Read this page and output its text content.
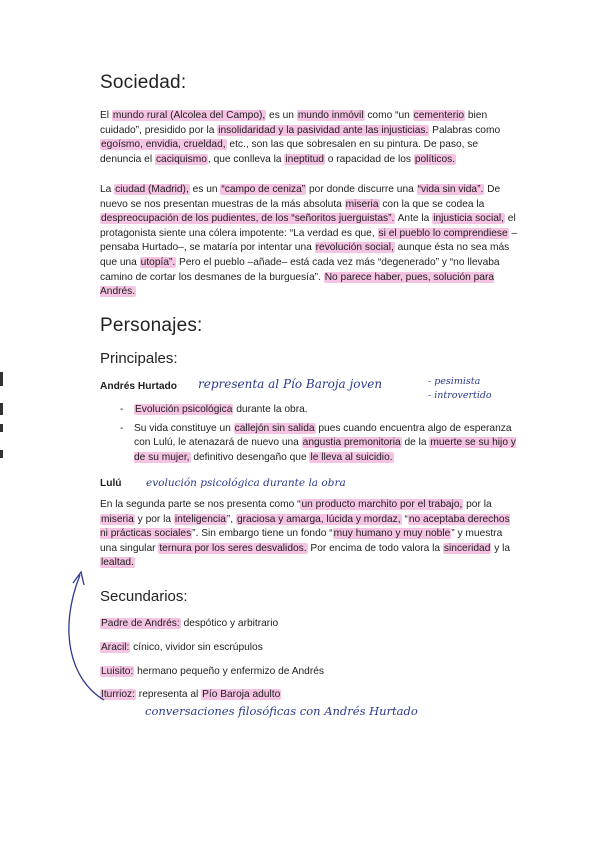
Sociedad:

El mundo rural (Alcolea del Campo), es un mundo inmóvil como “un cementerio bien cuidado”, presidido por la insolidaridad y la pasividad ante las injusticias. Palabras como egoísmo, envidia, crueldad, etc., son las que sobresalen en su pintura. De paso, se denuncia el caciquismo, que conlleva la ineptitud o rapacidad de los políticos.

La ciudad (Madrid), es un “campo de ceniza” por donde discurre una “vida sin vida”. De nuevo se nos presentan muestras de la más absoluta miseria con la que se codea la despreocupación de los pudientes, de los “señoritos juerguistas”. Ante la injusticia social, el protagonista siente una cólera impotente: “La verdad es que, si el pueblo lo comprendiese –pensaba Hurtado–, se mataría por intentar una revolución social, aunque ésta no sea más que una utopía”. Pero el pueblo –añade– está cada vez más “degenerado” y “no llevaba camino de cortar los desmanes de la burguesía”. No parece haber, pues, solución para Andrés.

Personajes:
Principales:
Andrés Hurtado representa al Pío Baroja joven	- pesimista
- introvertido
- Evolución psicológica durante la obra.
- Su vida constituye un callejón sin salida pues cuando encuentra algo de esperanza con Lulú, le atenazará de nuevo una angustia premonitoria de la muerte se su hijo y de su mujer, definitivo desengaño que le lleva al suicidio.
Lulú evolución psicológica durante la obra

En la segunda parte se nos presenta como “un producto marchito por el trabajo, por la miseria y por la inteligencia”, graciosa y amarga, lúcida y mordaz, “no aceptaba derechos ni prácticas sociales”. Sin embargo tiene un fondo “muy humano y muy noble” y muestra una singular ternura por los seres desvalidos. Por encima de todo valora la sinceridad y la lealtad.

Secundarios:
Padre de Andrés: despótico y arbitrario
Aracil: cínico, vividor sin escrúpulos
Luisito: hermano pequeño y enfermizo de Andrés
Iturrioz: representa al Pío Baroja adulto
conversaciones filosóficas con Andrés Hurtado
